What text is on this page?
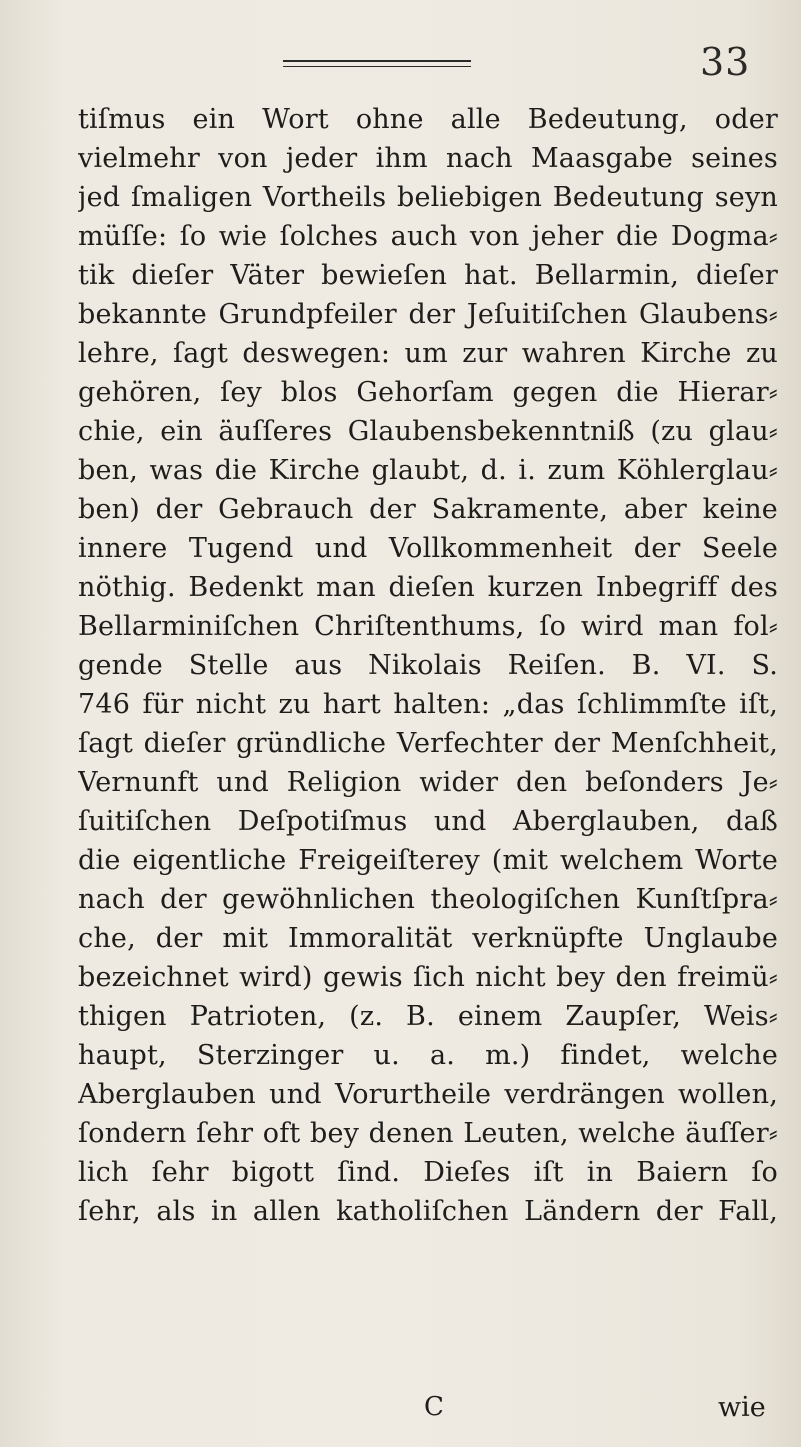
33
tiſmus ein Wort ohne alle Bedeutung, oder
vielmehr von jeder ihm nach Maasgabe seines
jed ſmaligen Vortheils beliebigen Bedeutung seyn
müſſe: ſo wie ſolches auch von jeher die Dogma⸗
tik dieſer Väter bewieſen hat. Bellarmin, dieſer
bekannte Grundpfeiler der Jeſuitiſchen Glaubens⸗
lehre, ſagt deswegen: um zur wahren Kirche zu
gehören, ſey blos Gehorſam gegen die Hierar⸗
chie, ein äuſſeres Glaubensbekenntniß (zu glau⸗
ben, was die Kirche glaubt, d. i. zum Köhlerglau⸗
ben) der Gebrauch der Sakramente, aber keine
innere Tugend und Vollkommenheit der Seele
nöthig. Bedenkt man dieſen kurzen Inbegriff des
Bellarminiſchen Chriſtenthums, ſo wird man fol⸗
gende Stelle aus Nikolais Reiſen. B. VI. S.
746 für nicht zu hart halten: „das ſchlimmſte iſt,
ſagt dieſer gründliche Verfechter der Menſchheit,
Vernunft und Religion wider den beſonders Je⸗
ſuitiſchen Deſpotiſmus und Aberglauben, daß
die eigentliche Freigeiſterey (mit welchem Worte
nach der gewöhnlichen theologiſchen Kunſtſpra⸗
che, der mit Immoralität verknüpfte Unglaube
bezeichnet wird) gewis ſich nicht bey den freimü⸗
thigen Patrioten, (z. B. einem Zaupſer, Weis⸗
haupt, Sterzinger u. a. m.) findet, welche
Aberglauben und Vorurtheile verdrängen wollen,
ſondern ſehr oft bey denen Leuten, welche äuſſer⸗
lich ſehr bigott ſind. Dieſes iſt in Baiern ſo
ſehr, als in allen katholiſchen Ländern der Fall,
C	wie
